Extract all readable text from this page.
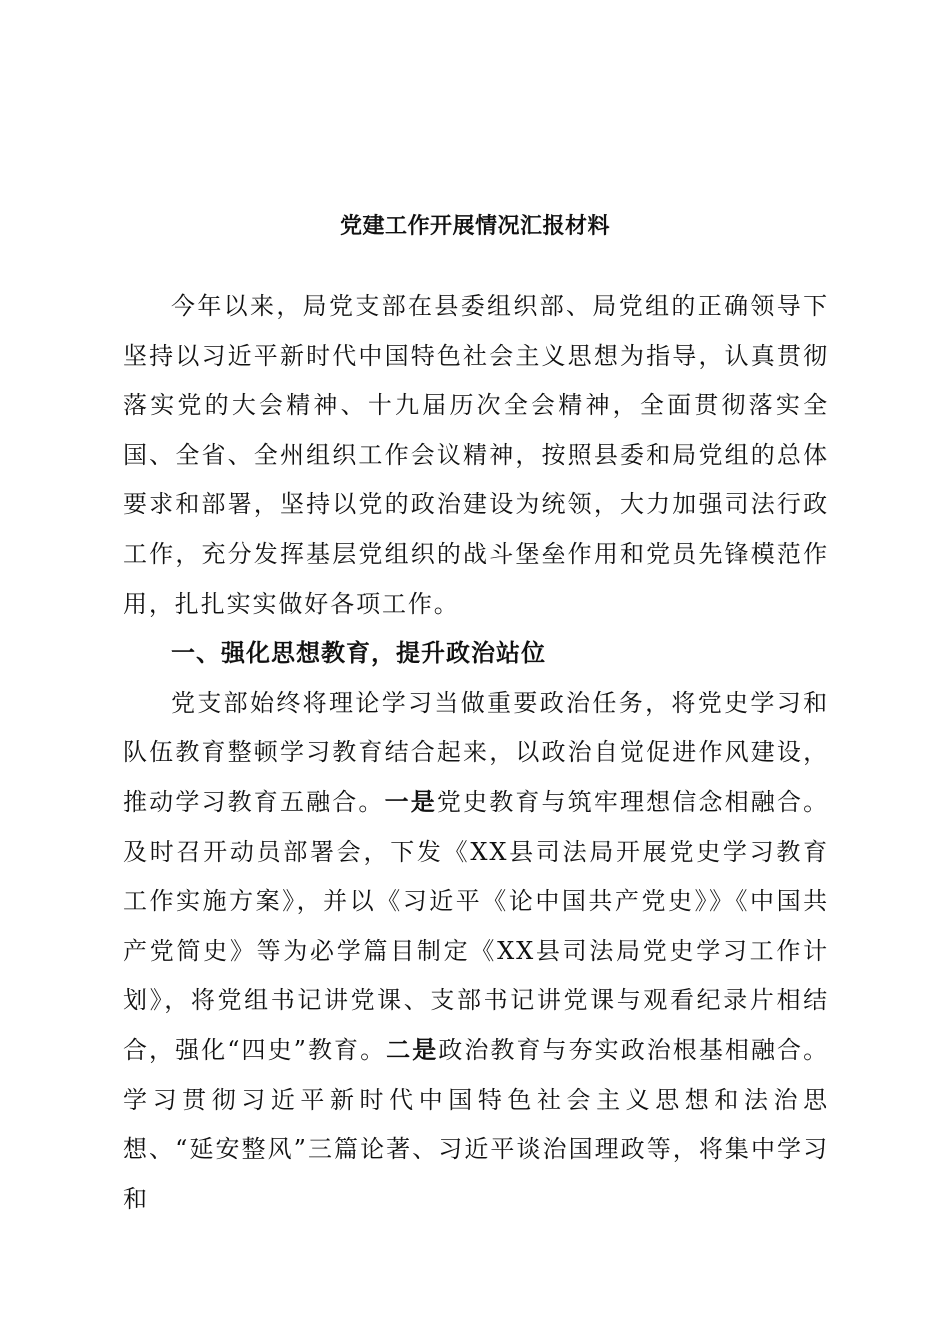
党建工作开展情况汇报材料

今年以来，局党支部在县委组织部、局党组的正确领导下坚持以习近平新时代中国特色社会主义思想为指导，认真贯彻落实党的大会精神、十九届历次全会精神，全面贯彻落实全国、全省、全州组织工作会议精神，按照县委和局党组的总体要求和部署，坚持以党的政治建设为统领，大力加强司法行政工作，充分发挥基层党组织的战斗堡垒作用和党员先锋模范作用，扎扎实实做好各项工作。

一、强化思想教育，提升政治站位

党支部始终将理论学习当做重要政治任务，将党史学习和队伍教育整顿学习教育结合起来，以政治自觉促进作风建设，推动学习教育五融合。一是党史教育与筑牢理想信念相融合。及时召开动员部署会，下发《XX县司法局开展党史学习教育工作实施方案》，并以《习近平《论中国共产党史》》《中国共产党简史》等为必学篇目制定《XX县司法局党史学习工作计划》，将党组书记讲党课、支部书记讲党课与观看纪录片相结合，强化“四史”教育。二是政治教育与夯实政治根基相融合。学习贯彻习近平新时代中国特色社会主义思想和法治思想、“延安整风”三篇论著、习近平谈治国理政等，将集中学习和
